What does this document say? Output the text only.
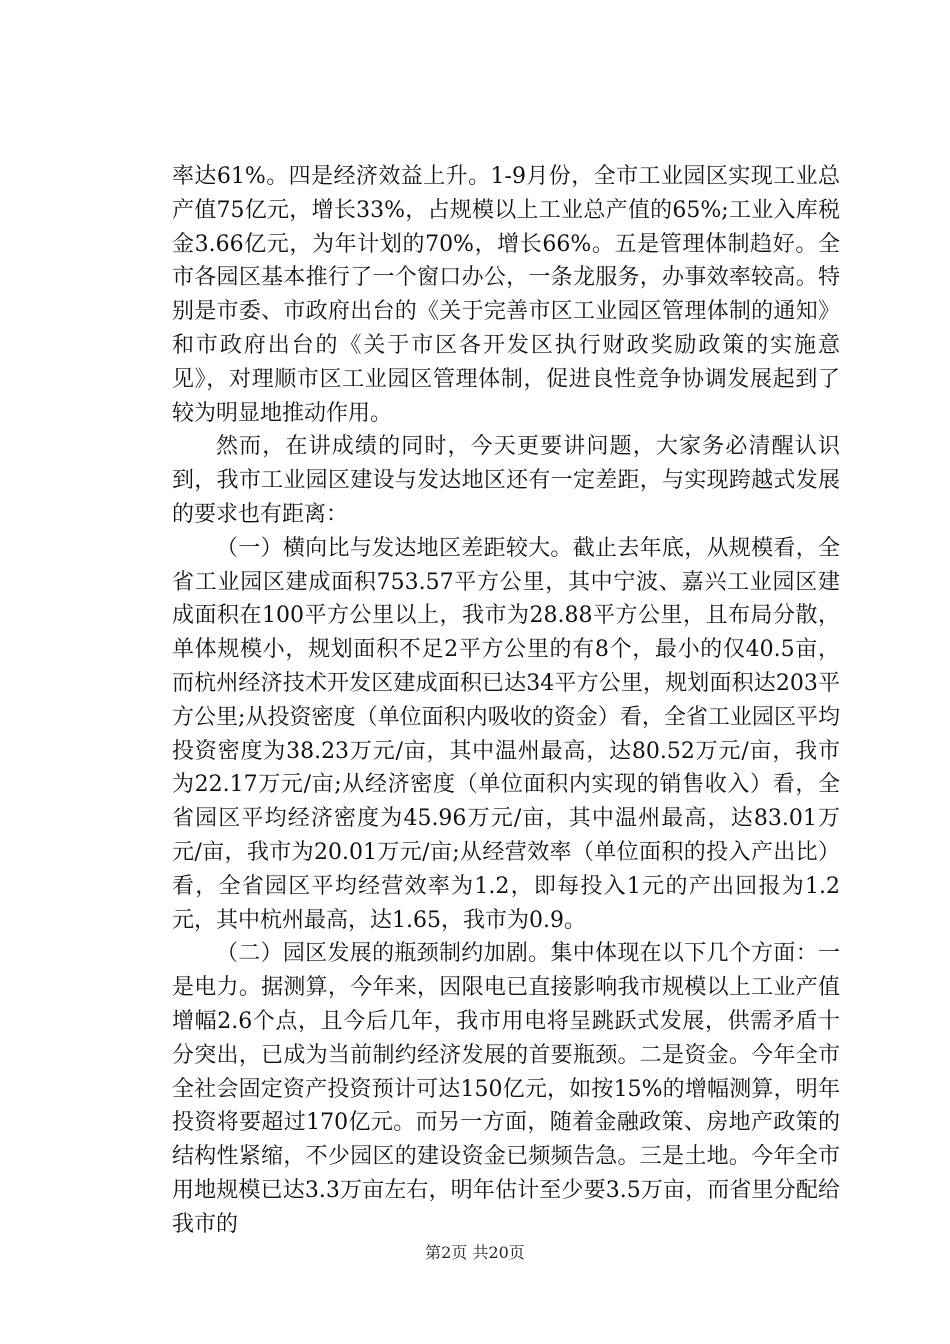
率达61%。四是经济效益上升。1-9月份，全市工业园区实现工业总产值75亿元，增长33%，占规模以上工业总产值的65%;工业入库税金3.66亿元，为年计划的70%，增长66%。五是管理体制趋好。全市各园区基本推行了一个窗口办公，一条龙服务，办事效率较高。特别是市委、市政府出台的《关于完善市区工业园区管理体制的通知》和市政府出台的《关于市区各开发区执行财政奖励政策的实施意见》，对理顺市区工业园区管理体制，促进良性竞争协调发展起到了较为明显地推动作用。

然而，在讲成绩的同时，今天更要讲问题，大家务必清醒认识到，我市工业园区建设与发达地区还有一定差距，与实现跨越式发展的要求也有距离：

（一）横向比与发达地区差距较大。截止去年底，从规模看，全省工业园区建成面积753.57平方公里，其中宁波、嘉兴工业园区建成面积在100平方公里以上，我市为28.88平方公里，且布局分散，单体规模小，规划面积不足2平方公里的有8个，最小的仅40.5亩，而杭州经济技术开发区建成面积已达34平方公里，规划面积达203平方公里;从投资密度（单位面积内吸收的资金）看，全省工业园区平均投资密度为38.23万元/亩，其中温州最高，达80.52万元/亩，我市为22.17万元/亩;从经济密度（单位面积内实现的销售收入）看，全省园区平均经济密度为45.96万元/亩，其中温州最高，达83.01万元/亩，我市为20.01万元/亩;从经营效率（单位面积的投入产出比）看，全省园区平均经营效率为1.2，即每投入1元的产出回报为1.2元，其中杭州最高，达1.65，我市为0.9。

（二）园区发展的瓶颈制约加剧。集中体现在以下几个方面：一是电力。据测算，今年来，因限电已直接影响我市规模以上工业产值增幅2.6个点，且今后几年，我市用电将呈跳跃式发展，供需矛盾十分突出，已成为当前制约经济发展的首要瓶颈。二是资金。今年全市全社会固定资产投资预计可达150亿元，如按15%的增幅测算，明年投资将要超过170亿元。而另一方面，随着金融政策、房地产政策的结构性紧缩，不少园区的建设资金已频频告急。三是土地。今年全市用地规模已达3.3万亩左右，明年估计至少要3.5万亩，而省里分配给我市的

第2页 共20页
